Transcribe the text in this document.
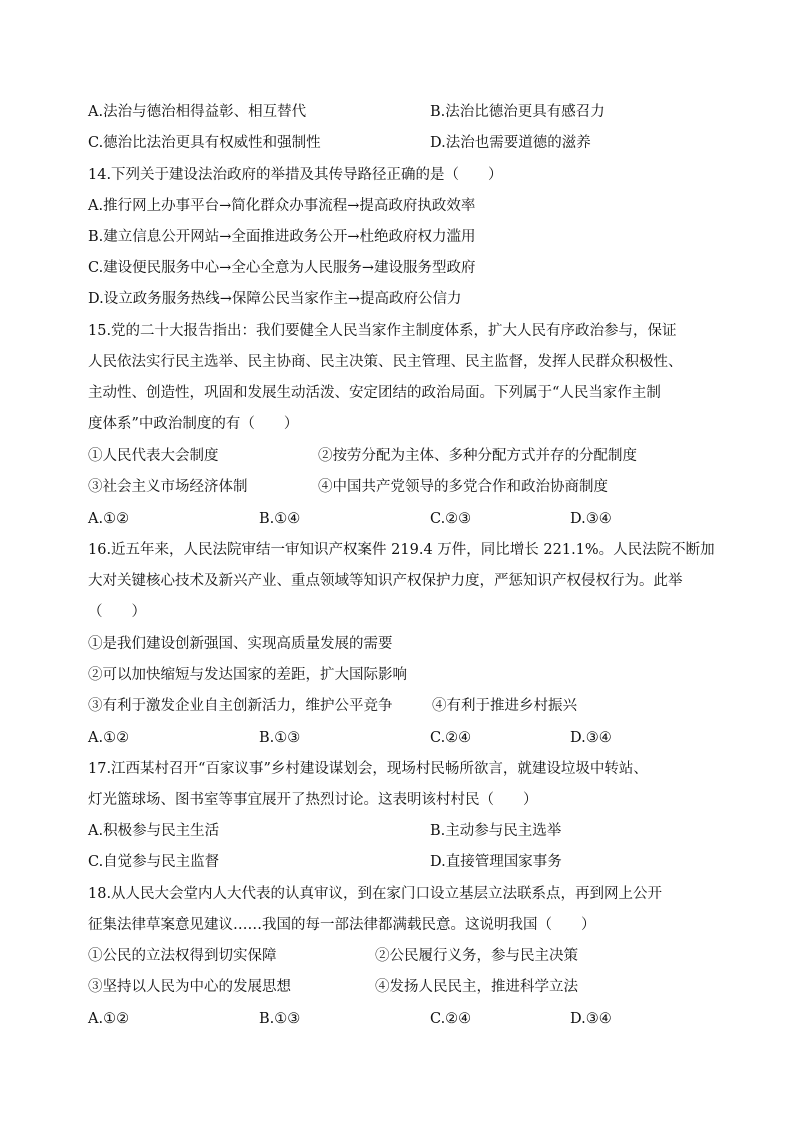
A.法治与德治相得益彰、相互替代	B.法治比德治更具有感召力
C.德治比法治更具有权威性和强制性	D.法治也需要道德的滋养
14.下列关于建设法治政府的举措及其传导路径正确的是（　　）
A.推行网上办事平台→简化群众办事流程→提高政府执政效率
B.建立信息公开网站→全面推进政务公开→杜绝政府权力滥用
C.建设便民服务中心→全心全意为人民服务→建设服务型政府
D.设立政务服务热线→保障公民当家作主→提高政府公信力
15.党的二十大报告指出：我们要健全人民当家作主制度体系，扩大人民有序政治参与，保证
人民依法实行民主选举、民主协商、民主决策、民主管理、民主监督，发挥人民群众积极性、
主动性、创造性，巩固和发展生动活泼、安定团结的政治局面。下列属于“人民当家作主制
度体系”中政治制度的有（　　）
①人民代表大会制度	②按劳分配为主体、多种分配方式并存的分配制度
③社会主义市场经济体制	④中国共产党领导的多党合作和政治协商制度
A.①②	B.①④	C.②③	D.③④
16.近五年来，人民法院审结一审知识产权案件 219.4 万件，同比增长 221.1%。人民法院不断加
大对关键核心技术及新兴产业、重点领域等知识产权保护力度，严惩知识产权侵权行为。此举
（　　）
①是我们建设创新强国、实现高质量发展的需要
②可以加快缩短与发达国家的差距，扩大国际影响
③有利于激发企业自主创新活力，维护公平竞争	④有利于推进乡村振兴
A.①②	B.①③	C.②④	D.③④
17.江西某村召开“百家议事”乡村建设谋划会，现场村民畅所欲言，就建设垃圾中转站、
灯光篮球场、图书室等事宜展开了热烈讨论。这表明该村村民（　　）
A.积极参与民主生活	B.主动参与民主选举
C.自觉参与民主监督	D.直接管理国家事务
18.从人民大会堂内人大代表的认真审议，到在家门口设立基层立法联系点，再到网上公开
征集法律草案意见建议……我国的每一部法律都满载民意。这说明我国（　　）
①公民的立法权得到切实保障	②公民履行义务，参与民主决策
③坚持以人民为中心的发展思想	④发扬人民民主，推进科学立法
A.①②	B.①③	C.②④	D.③④
